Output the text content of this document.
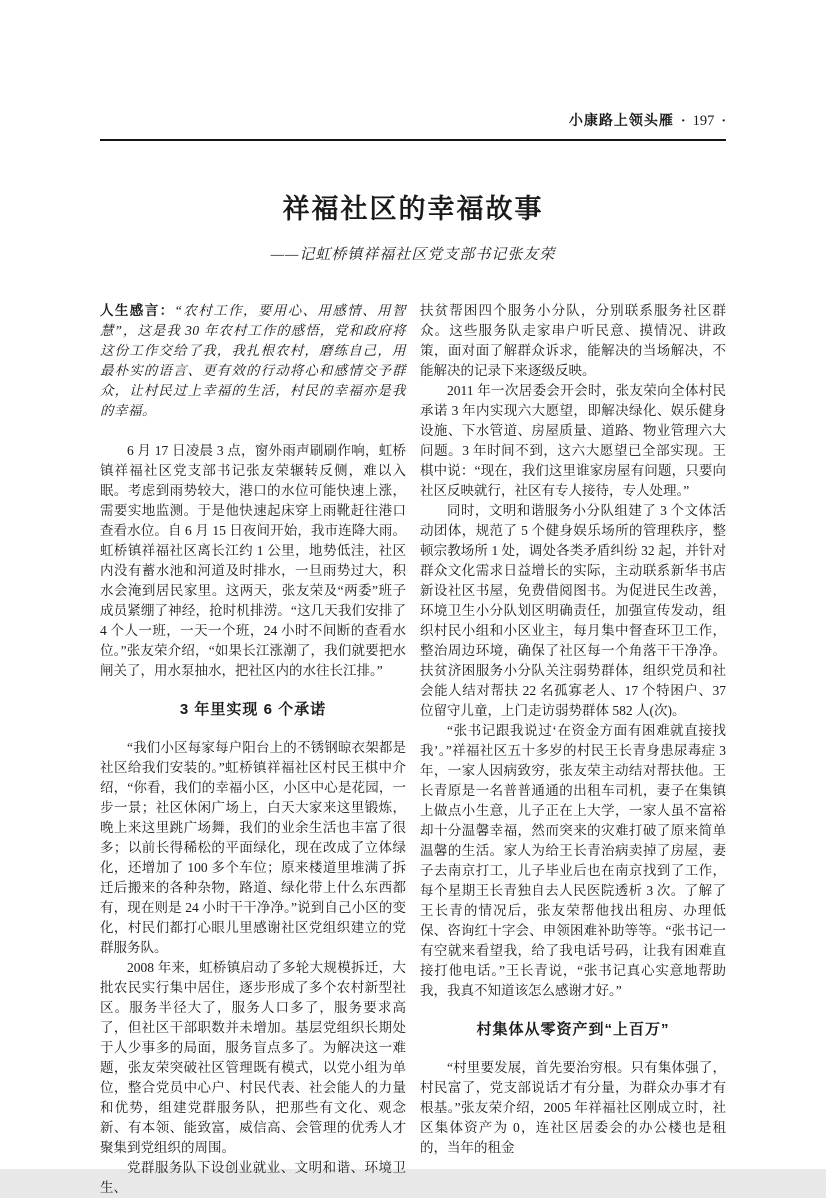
小康路上领头雁 · 197 ·
祥福社区的幸福故事
——记虹桥镇祥福社区党支部书记张友荣

人生感言：“农村工作，要用心、用感情、用智慧”，这是我 30 年农村工作的感悟，党和政府将这份工作交给了我，我扎根农村，磨练自己，用最朴实的语言、更有效的行动将心和感情交予群众，让村民过上幸福的生活，村民的幸福亦是我的幸福。

6 月 17 日凌晨 3 点，窗外雨声刷刷作响，虹桥镇祥福社区党支部书记张友荣辗转反侧，难以入眠。考虑到雨势较大，港口的水位可能快速上涨，需要实地监测。于是他快速起床穿上雨靴赶往港口查看水位。自 6 月 15 日夜间开始，我市连降大雨。虹桥镇祥福社区离长江约 1 公里，地势低洼，社区内没有蓄水池和河道及时排水，一旦雨势过大，积水会淹到居民家里。这两天，张友荣及“两委”班子成员紧绷了神经，抢时机排涝。“这几天我们安排了 4 个人一班，一天一个班，24 小时不间断的查看水位。”张友荣介绍，“如果长江涨潮了，我们就要把水闸关了，用水泵抽水，把社区内的水往长江排。”

3 年里实现 6 个承诺

“我们小区每家每户阳台上的不锈钢晾衣架都是社区给我们安装的。”虹桥镇祥福社区村民王棋中介绍，“你看，我们的幸福小区，小区中心是花园，一步一景；社区休闲广场上，白天大家来这里锻炼，晚上来这里跳广场舞，我们的业余生活也丰富了很多；以前长得稀松的平面绿化，现在改成了立体绿化，还增加了 100 多个车位；原来楼道里堆满了拆迁后搬来的各种杂物，路道、绿化带上什么东西都有，现在则是 24 小时干干净净。”说到自己小区的变化，村民们都打心眼儿里感谢社区党组织建立的党群服务队。

2008 年来，虹桥镇启动了多轮大规模拆迁，大批农民实行集中居住，逐步形成了多个农村新型社区。服务半径大了，服务人口多了，服务要求高了，但社区干部职数并未增加。基层党组织长期处于人少事多的局面，服务盲点多了。为解决这一难题，张友荣突破社区管理既有模式，以党小组为单位，整合党员中心户、村民代表、社会能人的力量和优势，组建党群服务队，把那些有文化、观念新、有本领、能致富，威信高、会管理的优秀人才聚集到党组织的周围。

党群服务队下设创业就业、文明和谐、环境卫生、

扶贫帮困四个服务小分队，分别联系服务社区群众。这些服务队走家串户听民意、摸情况、讲政策，面对面了解群众诉求，能解决的当场解决，不能解决的记录下来逐级反映。

2011 年一次居委会开会时，张友荣向全体村民承诺 3 年内实现六大愿望，即解决绿化、娱乐健身设施、下水管道、房屋质量、道路、物业管理六大问题。3 年时间不到，这六大愿望已全部实现。王棋中说：“现在，我们这里谁家房屋有问题，只要向社区反映就行，社区有专人接待，专人处理。”

同时，文明和谐服务小分队组建了 3 个文体活动团体，规范了 5 个健身娱乐场所的管理秩序，整顿宗教场所 1 处，调处各类矛盾纠纷 32 起，并针对群众文化需求日益增长的实际，主动联系新华书店新设社区书屋，免费借阅图书。为促进民生改善，环境卫生小分队划区明确责任，加强宣传发动，组织村民小组和小区业主，每月集中督查环卫工作，整治周边环境，确保了社区每一个角落干干净净。扶贫济困服务小分队关注弱势群体，组织党员和社会能人结对帮扶 22 名孤寡老人、17 个特困户、37 位留守儿童，上门走访弱势群体 582 人(次)。

“张书记跟我说过‘在资金方面有困难就直接找我’。”祥福社区五十多岁的村民王长青身患尿毒症 3 年，一家人因病致穷，张友荣主动结对帮扶他。王长青原是一名普普通通的出租车司机，妻子在集镇上做点小生意，儿子正在上大学，一家人虽不富裕却十分温馨幸福，然而突来的灾难打破了原来简单温馨的生活。家人为给王长青治病卖掉了房屋，妻子去南京打工，儿子毕业后也在南京找到了工作，每个星期王长青独自去人民医院透析 3 次。了解了王长青的情况后，张友荣帮他找出租房、办理低保、咨询红十字会、申领困难补助等等。“张书记一有空就来看望我，给了我电话号码，让我有困难直接打他电话。”王长青说，“张书记真心实意地帮助我，我真不知道该怎么感谢才好。”

村集体从零资产到“上百万”

“村里要发展，首先要治穷根。只有集体强了，村民富了，党支部说话才有分量，为群众办事才有根基。”张友荣介绍，2005 年祥福社区刚成立时，社区集体资产为 0，连社区居委会的办公楼也是租的，当年的租金
